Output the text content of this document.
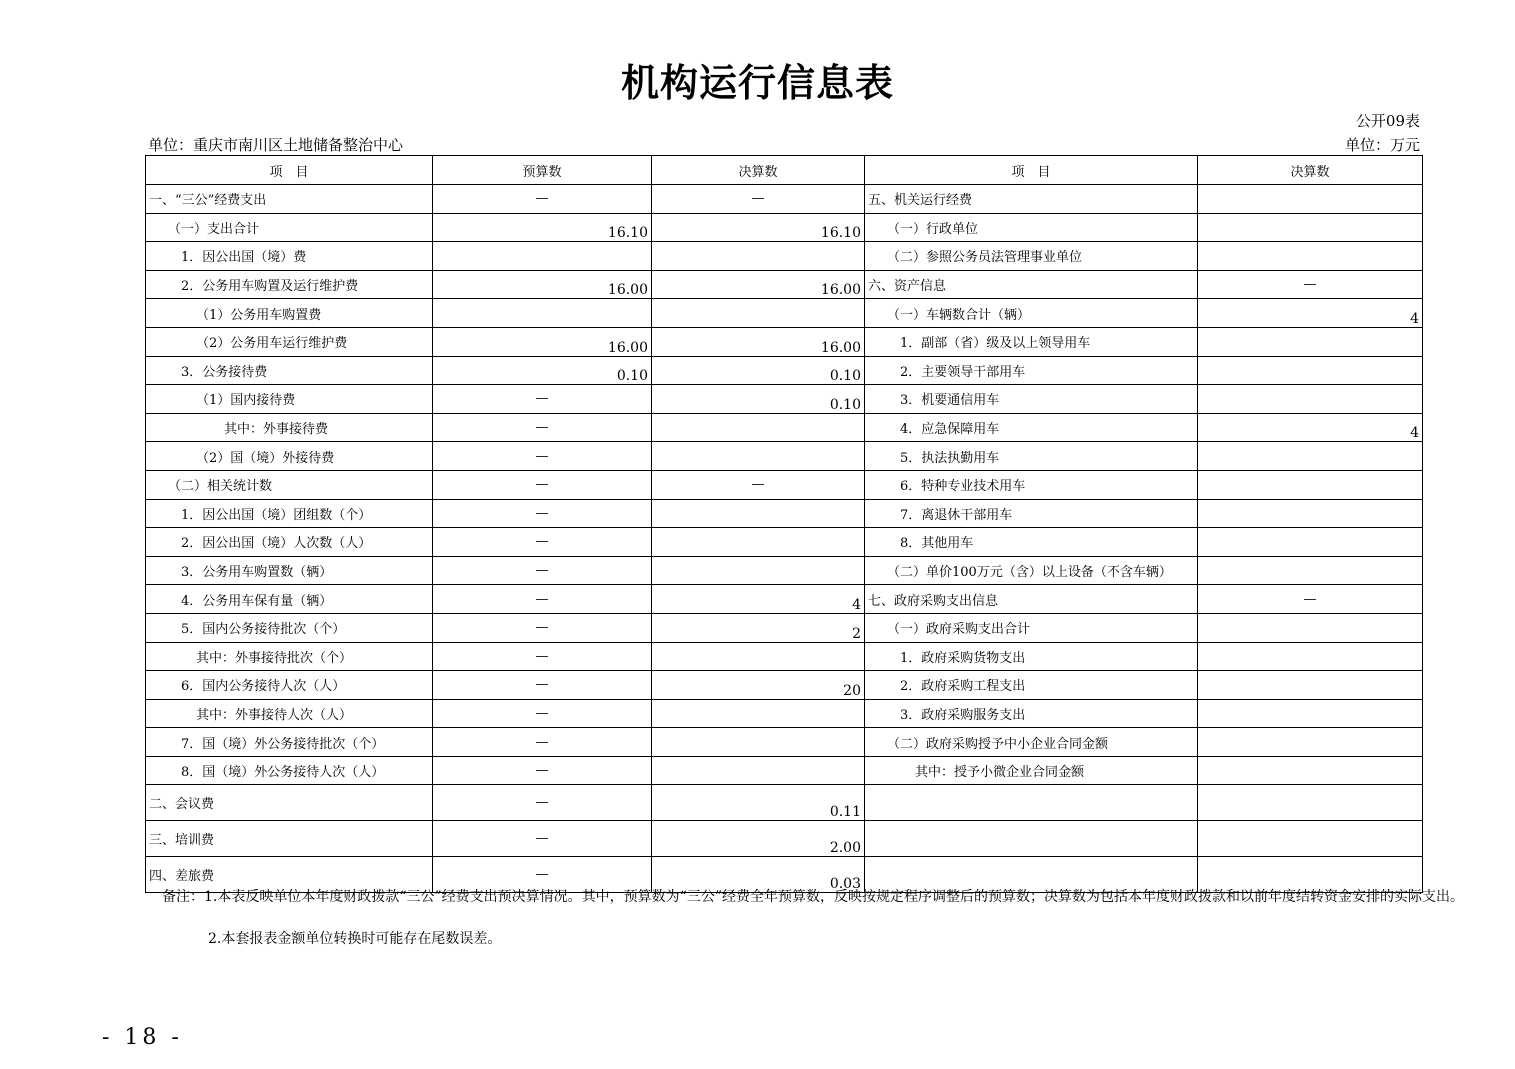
机构运行信息表
公开09表
单位：重庆市南川区土地储备整治中心	单位：万元
项　目	预算数	决算数	项　目	决算数
一、“三公”经费支出	—	—	五、机关运行经费	
（一）支出合计	16.10	16.10	（一）行政单位	
1．因公出国（境）费			（二）参照公务员法管理事业单位	
2．公务用车购置及运行维护费	16.00	16.00	六、资产信息	—
（1）公务用车购置费			（一）车辆数合计（辆）	4
（2）公务用车运行维护费	16.00	16.00	1．副部（省）级及以上领导用车	
3．公务接待费	0.10	0.10	2．主要领导干部用车	
（1）国内接待费	—	0.10	3．机要通信用车	
其中：外事接待费	—		4．应急保障用车	4
（2）国（境）外接待费	—		5．执法执勤用车	
（二）相关统计数	—	—	6．特种专业技术用车	
1．因公出国（境）团组数（个）	—		7．离退休干部用车	
2．因公出国（境）人次数（人）	—		8．其他用车	
3．公务用车购置数（辆）	—		（二）单价100万元（含）以上设备（不含车辆）	
4．公务用车保有量（辆）	—	4	七、政府采购支出信息	—
5．国内公务接待批次（个）	—	2	（一）政府采购支出合计	
其中：外事接待批次（个）	—		1．政府采购货物支出	
6．国内公务接待人次（人）	—	20	2．政府采购工程支出	
其中：外事接待人次（人）	—		3．政府采购服务支出	
7．国（境）外公务接待批次（个）	—		（二）政府采购授予中小企业合同金额	
8．国（境）外公务接待人次（人）	—		其中：授予小微企业合同金额	
二、会议费	—	0.11		
三、培训费	—	2.00		
四、差旅费	—	0.03		
备注：1.本表反映单位本年度财政拨款“三公”经费支出预决算情况。其中，预算数为“三公”经费全年预算数，反映按规定程序调整后的预算数；决算数为包括本年度财政拨款和以前年度结转资金安排的实际支出。
2.本套报表金额单位转换时可能存在尾数误差。
- 18 -
